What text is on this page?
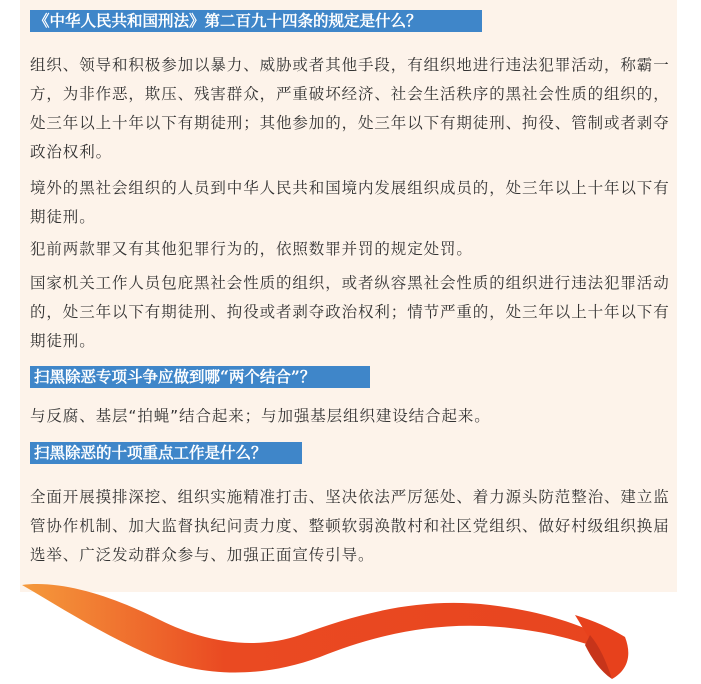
《中华人民共和国刑法》第二百九十四条的规定是什么？

组织、领导和积极参加以暴力、威胁或者其他手段，有组织地进行违法犯罪活动，称霸一方，为非作恶，欺压、残害群众，严重破坏经济、社会生活秩序的黑社会性质的组织的，处三年以上十年以下有期徒刑；其他参加的，处三年以下有期徒刑、拘役、管制或者剥夺政治权利。

境外的黑社会组织的人员到中华人民共和国境内发展组织成员的，处三年以上十年以下有期徒刑。

犯前两款罪又有其他犯罪行为的，依照数罪并罚的规定处罚。

国家机关工作人员包庇黑社会性质的组织，或者纵容黑社会性质的组织进行违法犯罪活动的，处三年以下有期徒刑、拘役或者剥夺政治权利；情节严重的，处三年以上十年以下有期徒刑。

扫黑除恶专项斗争应做到哪“两个结合”？

与反腐、基层“拍蝇”结合起来；与加强基层组织建设结合起来。

扫黑除恶的十项重点工作是什么？

全面开展摸排深挖、组织实施精准打击、坚决依法严厉惩处、着力源头防范整治、建立监管协作机制、加大监督执纪问责力度、整顿软弱涣散村和社区党组织、做好村级组织换届选举、广泛发动群众参与、加强正面宣传引导。
